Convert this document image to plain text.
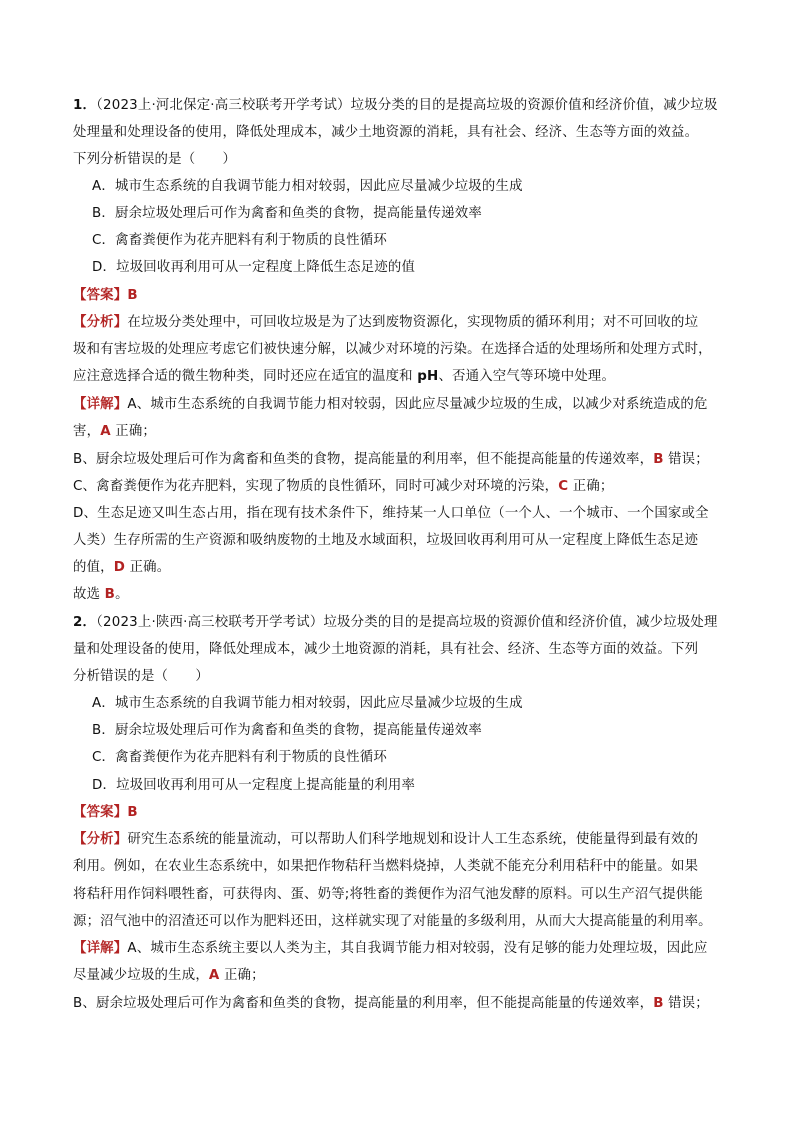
1．（2023上·河北保定·高三校联考开学考试）垃圾分类的目的是提高垃圾的资源价值和经济价值，减少垃圾
处理量和处理设备的使用，降低处理成本，减少土地资源的消耗，具有社会、经济、生态等方面的效益。
下列分析错误的是（　　）
A．城市生态系统的自我调节能力相对较弱，因此应尽量减少垃圾的生成
B．厨余垃圾处理后可作为禽畜和鱼类的食物，提高能量传递效率
C．禽畜粪便作为花卉肥料有利于物质的良性循环
D．垃圾回收再利用可从一定程度上降低生态足迹的值
【答案】B
【分析】在垃圾分类处理中，可回收垃圾是为了达到废物资源化，实现物质的循环利用；对不可回收的垃
圾和有害垃圾的处理应考虑它们被快速分解，以减少对环境的污染。在选择合适的处理场所和处理方式时，
应注意选择合适的微生物种类，同时还应在适宜的温度和 pH、否通入空气等环境中处理。
【详解】A、城市生态系统的自我调节能力相对较弱，因此应尽量减少垃圾的生成，以减少对系统造成的危
害，A 正确；
B、厨余垃圾处理后可作为禽畜和鱼类的食物，提高能量的利用率，但不能提高能量的传递效率，B 错误；
C、禽畜粪便作为花卉肥料，实现了物质的良性循环，同时可减少对环境的污染，C 正确；
D、生态足迹又叫生态占用，指在现有技术条件下，维持某一人口单位（一个人、一个城市、一个国家或全
人类）生存所需的生产资源和吸纳废物的土地及水域面积，垃圾回收再利用可从一定程度上降低生态足迹
的值，D 正确。
故选 B。
2．（2023上·陕西·高三校联考开学考试）垃圾分类的目的是提高垃圾的资源价值和经济价值，减少垃圾处理
量和处理设备的使用，降低处理成本，减少土地资源的消耗，具有社会、经济、生态等方面的效益。下列
分析错误的是（　　）
A．城市生态系统的自我调节能力相对较弱，因此应尽量减少垃圾的生成
B．厨余垃圾处理后可作为禽畜和鱼类的食物，提高能量传递效率
C．禽畜粪便作为花卉肥料有利于物质的良性循环
D．垃圾回收再利用可从一定程度上提高能量的利用率
【答案】B
【分析】研究生态系统的能量流动，可以帮助人们科学地规划和设计人工生态系统，使能量得到最有效的
利用。例如，在农业生态系统中，如果把作物秸秆当燃料烧掉，人类就不能充分利用秸秆中的能量。如果
将秸秆用作饲料喂牲畜，可获得肉、蛋、奶等;将牲畜的粪便作为沼气池发酵的原料。可以生产沼气提供能
源；沼气池中的沼渣还可以作为肥料还田，这样就实现了对能量的多级利用，从而大大提高能量的利用率。
【详解】A、城市生态系统主要以人类为主，其自我调节能力相对较弱，没有足够的能力处理垃圾，因此应
尽量减少垃圾的生成，A 正确；
B、厨余垃圾处理后可作为禽畜和鱼类的食物，提高能量的利用率，但不能提高能量的传递效率，B 错误；
